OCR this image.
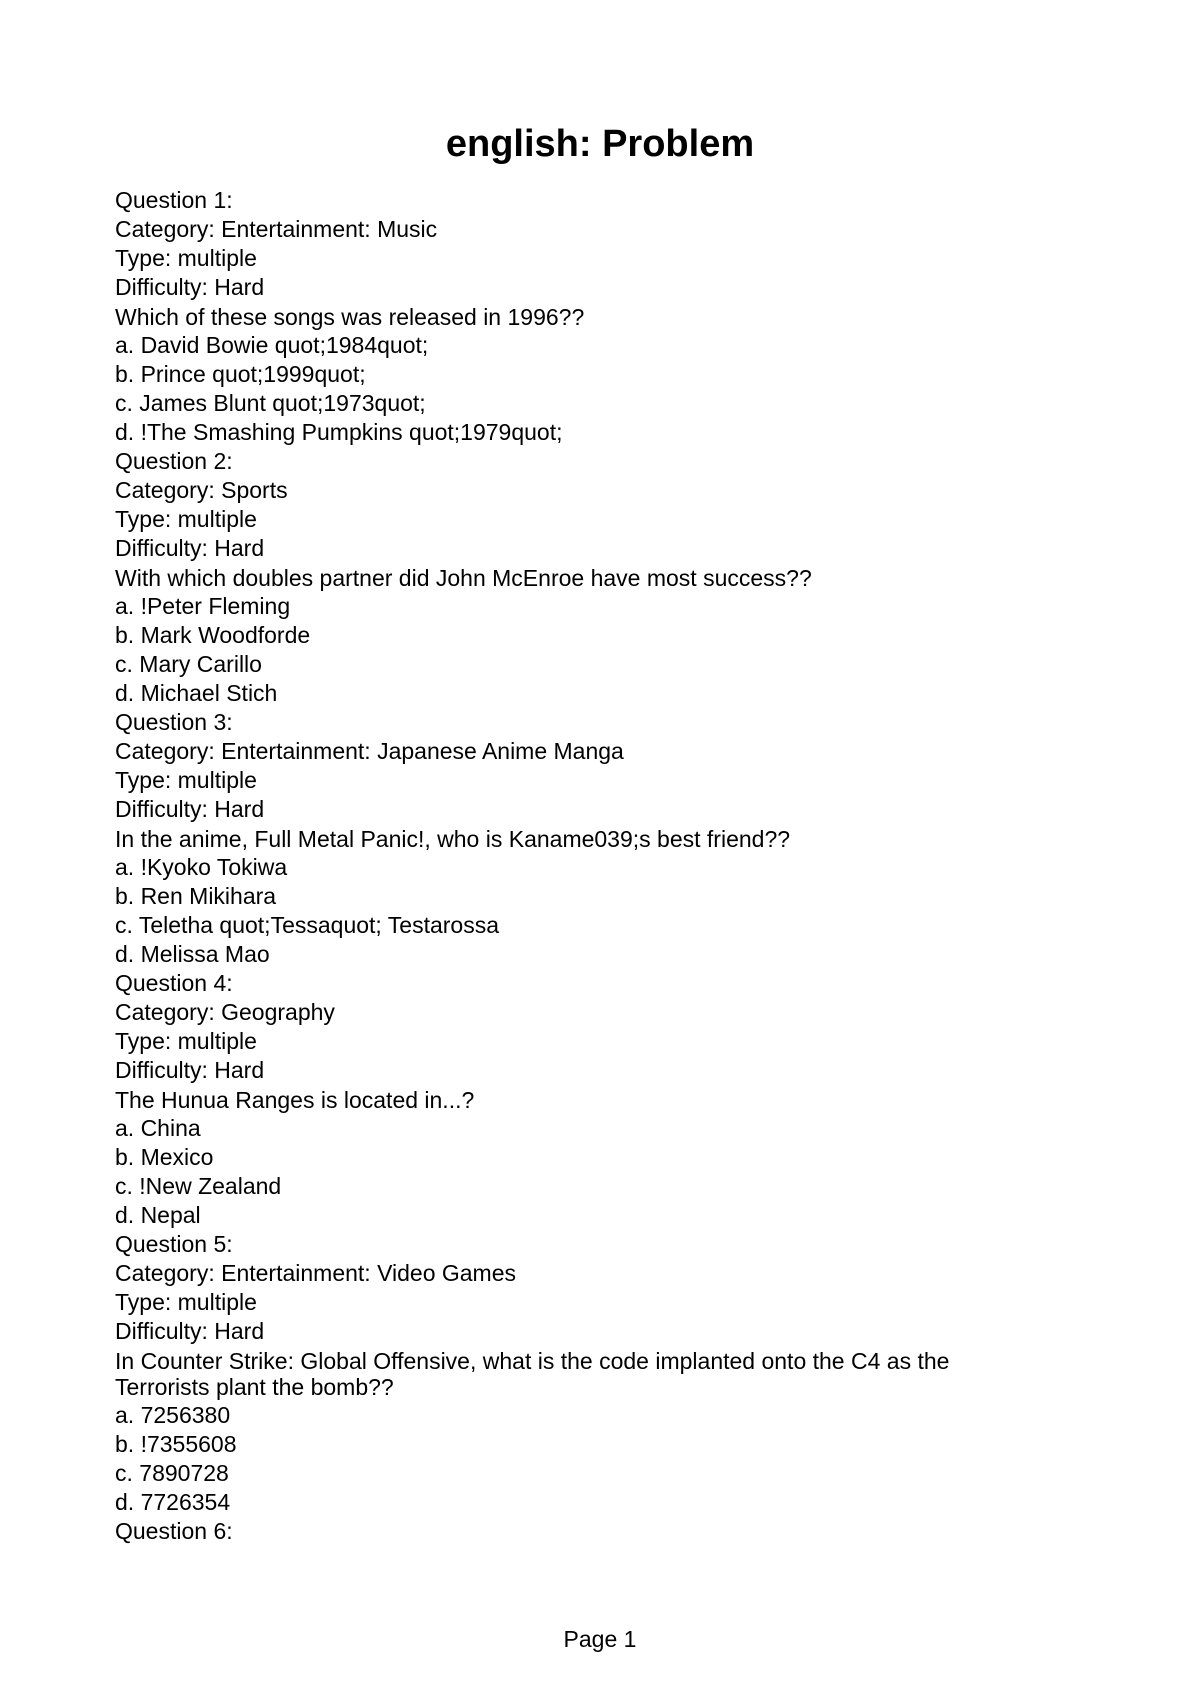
english: Problem
Question 1:
Category: Entertainment: Music
Type: multiple
Difficulty: Hard
Which of these songs was released in 1996??
a. David Bowie quot;1984quot;
b. Prince quot;1999quot;
c. James Blunt quot;1973quot;
d. !The Smashing Pumpkins quot;1979quot;
Question 2:
Category: Sports
Type: multiple
Difficulty: Hard
With which doubles partner did John McEnroe have most success??
a. !Peter Fleming
b. Mark Woodforde
c. Mary Carillo
d. Michael Stich
Question 3:
Category: Entertainment: Japanese Anime Manga
Type: multiple
Difficulty: Hard
In the anime, Full Metal Panic!, who is Kaname039;s best friend??
a. !Kyoko Tokiwa
b. Ren Mikihara
c. Teletha quot;Tessaquot; Testarossa
d. Melissa Mao
Question 4:
Category: Geography
Type: multiple
Difficulty: Hard
The Hunua Ranges is located in...?
a. China
b. Mexico
c. !New Zealand
d. Nepal
Question 5:
Category: Entertainment: Video Games
Type: multiple
Difficulty: Hard
In Counter Strike: Global Offensive, what is the code implanted onto the C4 as the Terrorists plant the bomb??
a. 7256380
b. !7355608
c. 7890728
d. 7726354
Question 6:
Page 1
